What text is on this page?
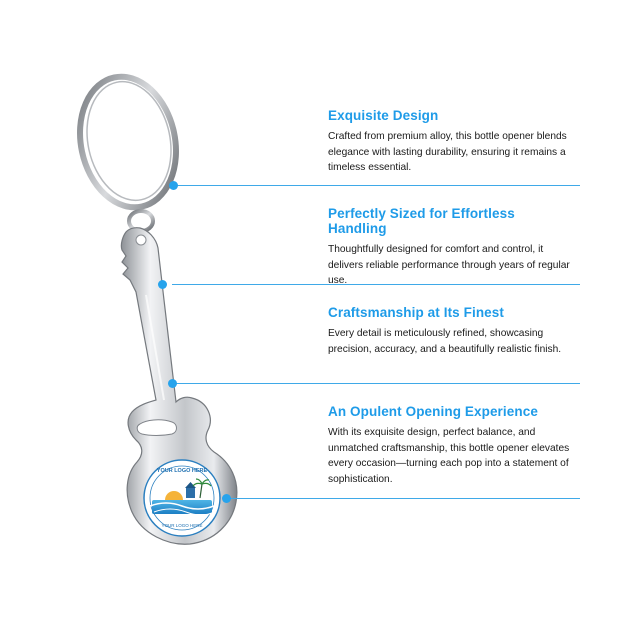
YOUR LOGO HERE
YOUR LOGO HERE
Exquisite Design

Crafted from premium alloy, this bottle opener blends elegance with lasting durability, ensuring it remains a timeless essential.

Perfectly Sized for Effortless Handling

Thoughtfully designed for comfort and control, it delivers reliable performance through years of regular use.

Craftsmanship at Its Finest

Every detail is meticulously refined, showcasing precision, accuracy, and a beautifully realistic finish.

An Opulent Opening Experience

With its exquisite design, perfect balance, and unmatched craftsmanship, this bottle opener elevates every occasion—turning each pop into a statement of sophistication.
